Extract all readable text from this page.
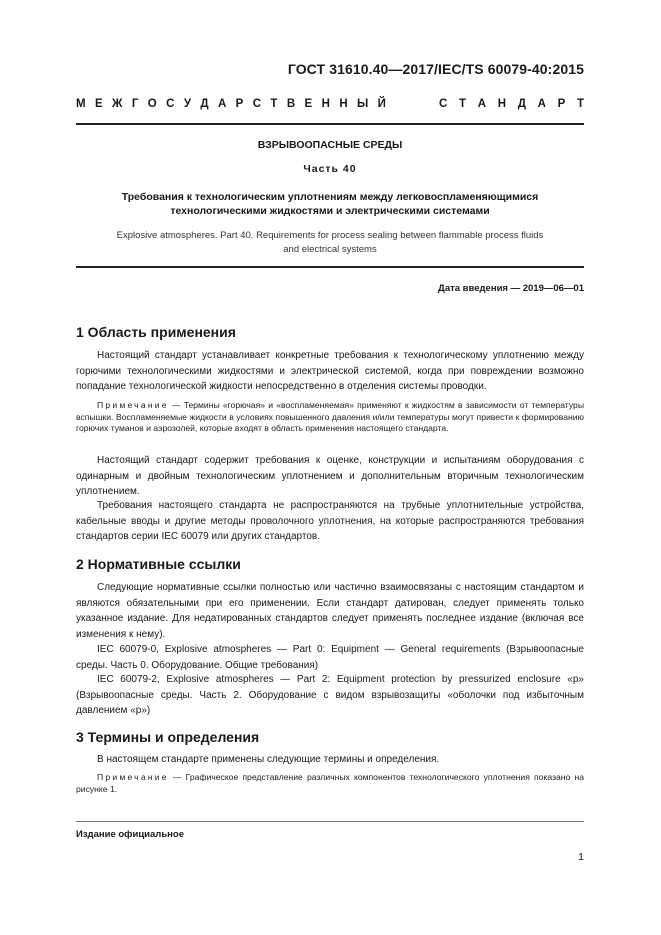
ГОСТ 31610.40—2017/IEC/TS 60079-40:2015
М Е Ж Г О С У Д А Р С Т В Е Н Н Ы Й	С Т А Н Д А Р Т
ВЗРЫВООПАСНЫЕ СРЕДЫ
Часть 40
Требования к технологическим уплотнениям между легковоспламеняющимися
технологическими жидкостями и электрическими системами
Explosive atmospheres. Part 40. Requirements for process sealing between flammable process fluids
and electrical systems
Дата введения — 2019—06—01
1 Область применения
Настоящий стандарт устанавливает конкретные требования к технологическому уплотнению между горючими технологическими жидкостями и электрической системой, когда при повреждении возможно попадание технологической жидкости непосредственно в отделения системы проводки.
Примечание — Термины «горючая» и «воспламеняемая» применяют к жидкостям в зависимости от температуры вспышки. Воспламеняемые жидкости в условиях повышенного давления и/или температуры могут привести к формированию горючих туманов и аэрозолей, которые входят в область применения настоящего стандарта.
Настоящий стандарт содержит требования к оценке, конструкции и испытаниям оборудования с одинарным и двойным технологическим уплотнением и дополнительным вторичным технологическим уплотнением.
Требования настоящего стандарта не распространяются на трубные уплотнительные устройства, кабельные вводы и другие методы проволочного уплотнения, на которые распространяются требования стандартов серии IEC 60079 или других стандартов.
2 Нормативные ссылки
Следующие нормативные ссылки полностью или частично взаимосвязаны с настоящим стандартом и являются обязательными при его применении. Если стандарт датирован, следует применять только указанное издание. Для недатированных стандартов следует применять последнее издание (включая все изменения к нему).
IEC 60079-0, Explosive atmospheres — Part 0: Equipment — General requirements (Взрывоопасные среды. Часть 0. Оборудование. Общие требования)
IEC 60079-2, Explosive atmospheres — Part 2: Equipment protection by pressurized enclosure «p» (Взрывоопасные среды. Часть 2. Оборудование с видом взрывозащиты «оболочки под избыточным давлением «p»)
3 Термины и определения
В настоящем стандарте применены следующие термины и определения.
Примечание — Графическое представление различных компонентов технологического уплотнения показано на рисунке 1.
Издание официальное
1
